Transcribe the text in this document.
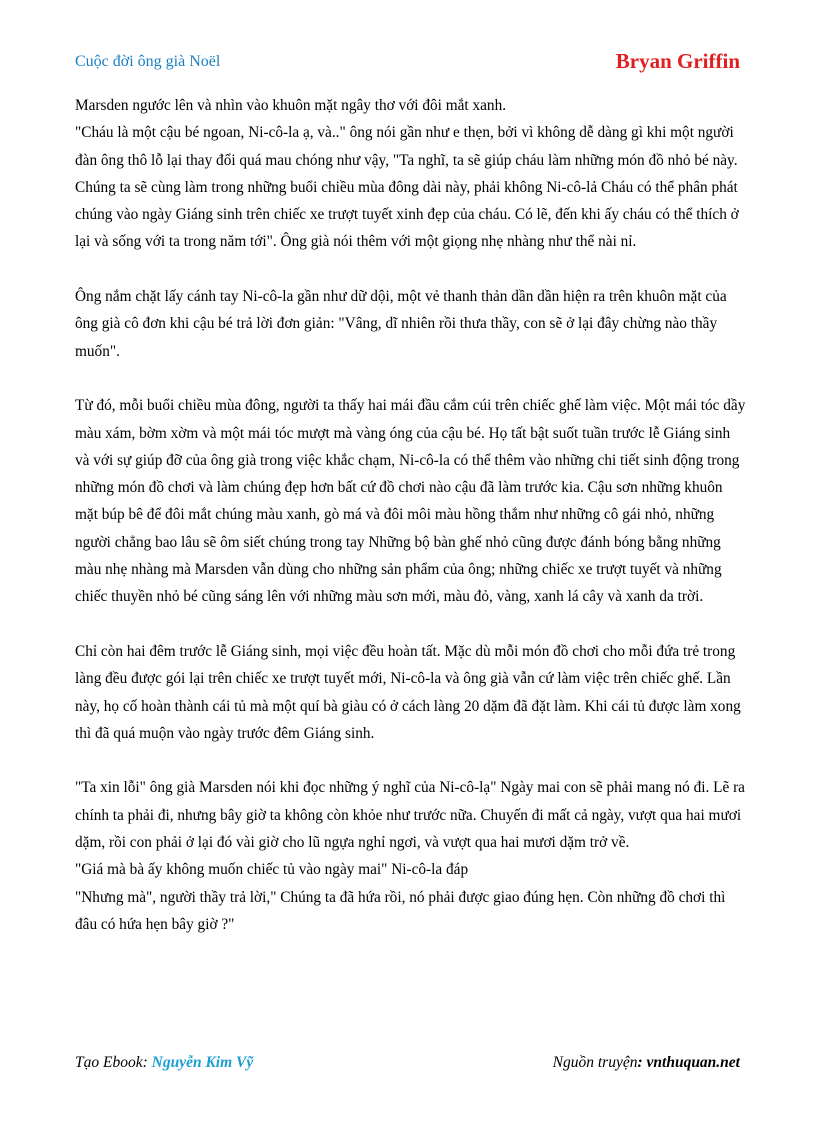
Cuộc đời ông già Noël	Bryan Griffin

Marsden ngước lên và nhìn vào khuôn mặt ngây thơ với đôi mắt xanh.

"Cháu là một cậu bé ngoan, Ni-cô-la ạ, và.." ông nói gần như e thẹn, bởi vì không dễ dàng gì khi một người đàn ông thô lỗ lại thay đổi quá mau chóng như vậy, "Ta nghĩ, ta sẽ giúp cháu làm những món đồ nhỏ bé này. Chúng ta sẽ cùng làm trong những buổi chiều mùa đông dài này, phải không Ni-cô-lả Cháu có thể phân phát chúng vào ngày Giáng sinh trên chiếc xe trượt tuyết xinh đẹp của cháu. Có lẽ, đến khi ấy cháu có thể thích ở lại và sống với ta trong năm tới". Ông già nói thêm với một giọng nhẹ nhàng như thể nài nỉ.

Ông nắm chặt lấy cánh tay Ni-cô-la gần như dữ dội, một vẻ thanh thản dần dần hiện ra trên khuôn mặt của ông già cô đơn khi cậu bé trả lời đơn giản: "Vâng, dĩ nhiên rồi thưa thầy, con sẽ ở lại đây chừng nào thầy muốn".

Từ đó, mỗi buổi chiều mùa đông, người ta thấy hai mái đầu cắm cúi trên chiếc ghế làm việc. Một mái tóc dầy màu xám, bờm xờm và một mái tóc mượt mà vàng óng của cậu bé. Họ tất bật suốt tuần trước lễ Giáng sinh và với sự giúp đỡ của ông già trong việc khắc chạm, Ni-cô-la có thể thêm vào những chi tiết sinh động trong những món đồ chơi và làm chúng đẹp hơn bất cứ đồ chơi nào cậu đã làm trước kia. Cậu sơn những khuôn mặt búp bê để đôi mắt chúng màu xanh, gò má và đôi môi màu hồng thắm như những cô gái nhỏ, những người chẳng bao lâu sẽ ôm siết chúng trong tay Những bộ bàn ghế nhỏ cũng được đánh bóng bằng những màu nhẹ nhàng mà Marsden vẫn dùng cho những sản phẩm của ông; những chiếc xe trượt tuyết và những chiếc thuyền nhỏ bé cũng sáng lên với những màu sơn mới, màu đỏ, vàng, xanh lá cây và xanh da trời.

Chỉ còn hai đêm trước lễ Giáng sinh, mọi việc đều hoàn tất. Mặc dù mỗi món đồ chơi cho mỗi đứa trẻ trong làng đều được gói lại trên chiếc xe trượt tuyết mới, Ni-cô-la và ông già vẫn cứ làm việc trên chiếc ghế. Lần này, họ cố hoàn thành cái tủ mà một quí bà giàu có ở cách làng 20 dặm đã đặt làm. Khi cái tủ được làm xong thì đã quá muộn vào ngày trước đêm Giáng sinh.

"Ta xin lỗi" ông già Marsden nói khi đọc những ý nghĩ của Ni-cô-lạ" Ngày mai con sẽ phải mang nó đi. Lẽ ra chính ta phải đi, nhưng bây giờ ta không còn khỏe như trước nữa. Chuyến đi mất cả ngày, vượt qua hai mươi dặm, rồi con phải ở lại đó vài giờ cho lũ ngựa nghỉ ngơi, và vượt qua hai mươi dặm trở về.

"Giá mà bà ấy không muốn chiếc tủ vào ngày mai" Ni-cô-la đáp

"Nhưng mà", người thầy trả lời," Chúng ta đã hứa rồi, nó phải được giao đúng hẹn. Còn những đồ chơi thì đâu có hứa hẹn bây giờ ?"

Tạo Ebook: Nguyễn Kim Vỹ	Nguồn truyện: vnthuquan.net
